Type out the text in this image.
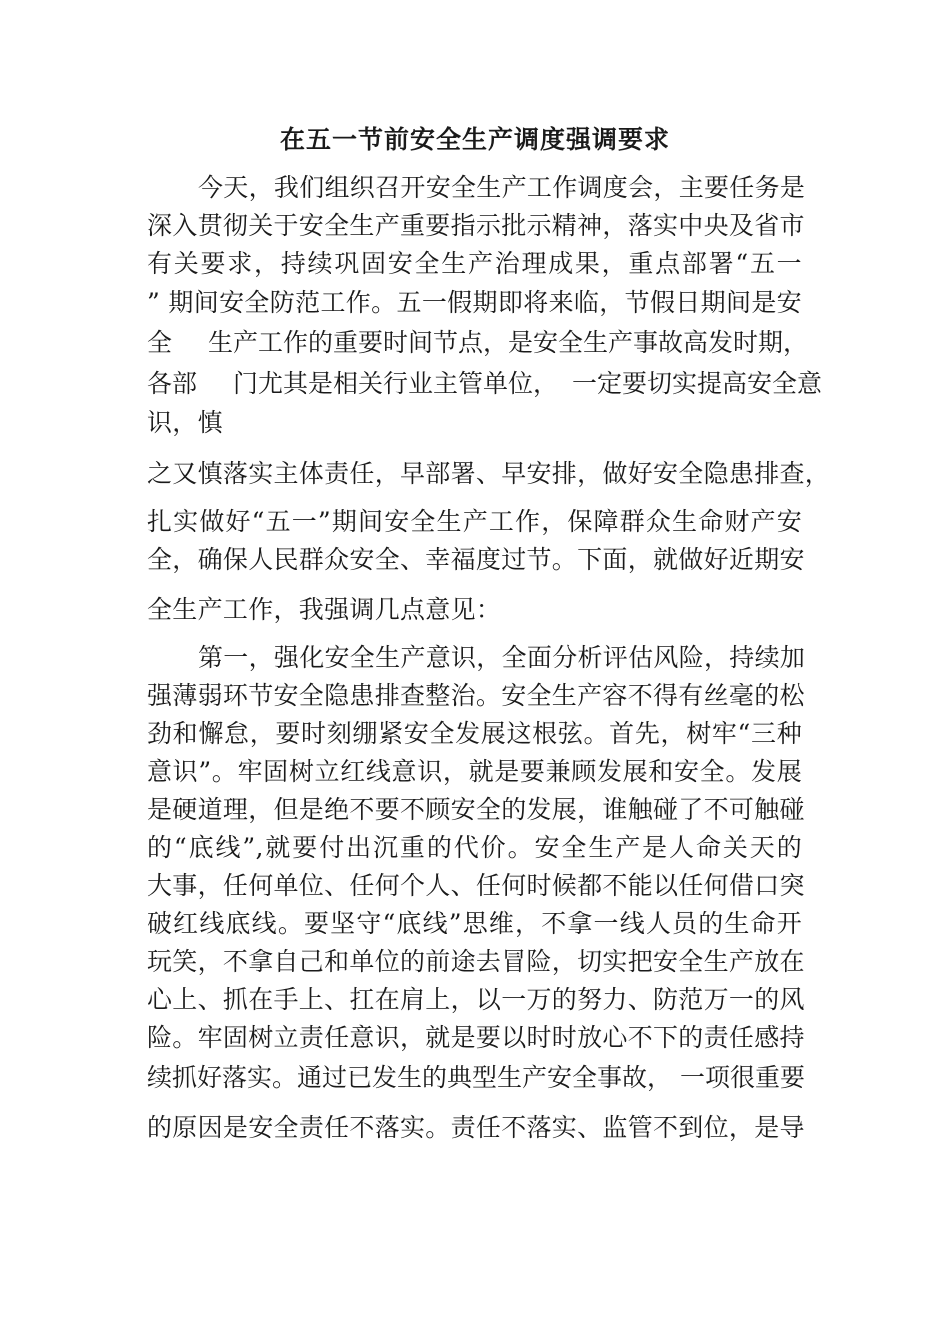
在五一节前安全生产调度强调要求
今天，我们组织召开安全生产工作调度会，主要任务是
深入贯彻关于安全生产重要指示批示精神，落实中央及省市
有关要求，持续巩固安全生产治理成果，重点部署“五一
” 期间安全防范工作。五一假期即将来临，节假日期间是安
全 生产工作的重要时间节点，是安全生产事故高发时期，
各部 门尤其是相关行业主管单位， 一定要切实提高安全意
识，慎
之又慎落实主体责任，早部署、早安排，做好安全隐患排查，
扎实做好“五一”期间安全生产工作，保障群众生命财产安
全，确保人民群众安全、幸福度过节。下面，就做好近期安
全生产工作，我强调几点意见：
第一，强化安全生产意识，全面分析评估风险，持续加
强薄弱环节安全隐患排查整治。安全生产容不得有丝毫的松
劲和懈怠，要时刻绷紧安全发展这根弦。首先，树牢“三种
意识”。牢固树立红线意识，就是要兼顾发展和安全。发展
是硬道理，但是绝不要不顾安全的发展，谁触碰了不可触碰
的“底线”,就要付出沉重的代价。安全生产是人命关天的
大事，任何单位、任何个人、任何时候都不能以任何借口突
破红线底线。要坚守“底线”思维，不拿一线人员的生命开
玩笑，不拿自己和单位的前途去冒险，切实把安全生产放在
心上、抓在手上、扛在肩上，以一万的努力、防范万一的风
险。牢固树立责任意识，就是要以时时放心不下的责任感持
续抓好落实。通过已发生的典型生产安全事故， 一项很重要
的原因是安全责任不落实。责任不落实、监管不到位，是导
